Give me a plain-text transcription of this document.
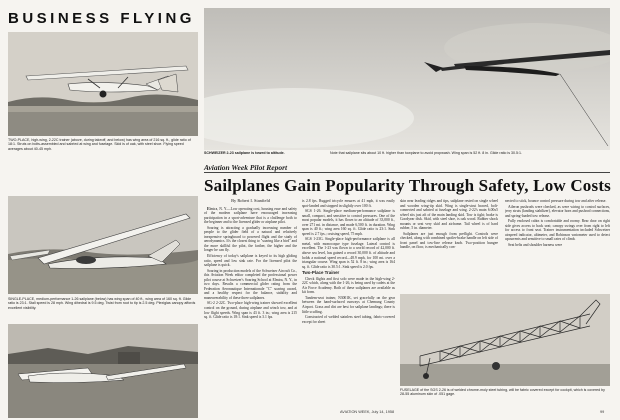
BUSINESS FLYING
TWO-PLACE, high-wing, 2-22C trainer (above, during takeoff, and below) has wing area of 216 sq. ft., glide ratio of 18:1. Struts on bolts-assembled and sabried at wing and fuselage. Skid is of oak, with steel shoe. Flying speed averages about 40-45 mph.
SCHWEIZER 2-23 sailplane is towed to altitude.	Note that sailplane sits about 10 ft. higher than towplane to avoid propwash. Wing span is 52 ft. 8 in. Glide ratio is 30.5:1.
SINGLE-PLACE, medium-performance 1-26 sailplane (below) has wing span of 40 ft., wing area of 160 sq. ft. Glide ratio is 23:1. Stall speed is 28 mph. Wing dihedral is 9.5 deg. Twist from root to tip is 2.5 deg. Plexiglas canopy affords excellent visibility.
Aviation Week Pilot Report
Sailplanes Gain Popularity Through Safety, Low Costs

By Robert I. Stanfield

Elmira, N. Y.—Low operating cost, housing ease and safety of the modern sailplane have encouraged increasing participation in a sport-adventure that is a challenge both to the beginner and to the licensed glider or airplane pilot.

Soaring is attracting a gradually increasing number of people to the glider field of a natural and relatively inexpensive springboard to powered flight and the study of aerodynamics. It's the closest thing to "soaring like a bird" and the more skillful the pilot, the farther, the higher and the longer he can fly.

Efficiency of today's sailplane is keyed to its high gliding ratio, speed and low sink rate. For the licensed pilot the sailplane is quick.

Soaring in production models of the Schweizer Aircraft Co., this Aviation Week editor completed the professional power pilot course at Schweizer's Soaring School at Elmira, N. Y., in two days. Results a commercial glider rating from the Federation Aeronautique Internationale "C" soaring award, and a healthy respect for the balance, stability and maneuverability of these three sailplanes.

SG-2 2-22C. Two-place high-wing trainer showed excellent control on the ground, during airplane and winch tow, and at low flight speeds. Wing span is 43 ft. 3 in.; wing area is 215 sq. ft. Glide ratio is 18:1. Sink speed is 3.1 fps.

is 2.8 fps. Rugged tricycle ensures at 41 mph, it was easily spot-landed and stopped in slightly over 100 ft.

SGS 1-26. Single-place medium-performance sailplane is small, compact, and sensitive to control pressures. One of the most popular models, it has flown to an altitude of 33,000 ft., over 271 mi. in distance, and made 6,500 ft. in duration. Wing span is 40 ft.; wing area 160 sq. ft. Glide ratio is 23:1. Sink speed is 2.7 fps.; cruising speed, 75 mph.

SGS 1-23G. Single-place high-performance sailplane is all metal, with monocoque type fuselage. Lateral control is excellent. The 1-23 was flown to a world record of 42,000 ft. above sea level, has gained a record 30,000 ft. of altitude and holds a national speed record—48.9 mph, for 100 mi. over a triangular course. Wing span is 52 ft. 8 in.; wing area is 164 sq. ft. Glide ratio is 30.5:1. Sink speed is 2.0 fps.

Two-Place Trainer

Check flights and first solo were made in the high-wing 2-22C which, along with the 1-26, is being used by cadets at the Air Force Academy. Both of these sailplanes are available as kit form.

Tandem-seat trainer, N3001K, set gracefully on the gear between the hand-surfaced runways at Chemung County Airport. Grass and dirt are best for sailplane landings; there is little scuffing.

Constructed of welded stainless steel tubing, fabric-covered except for sheet

skin near leading ridges and tips, sailplane rested on single wheel and wooden wing-tip skid. Wing is single-strut braced, bolt-connected and sabried at fuselage and wing. 2-22's main 6.00x5 wheel sits just aft of the main landing skid. Tow is tight; brake is Goodyear disk. Skid, with steel shoe, is oak wood. Rubber shock mounts or seat very skid and airframe. Tail wheel is of hard rubber, 5 in. diameter.

Sailplanes are just enough from preflight. Controls were checked, along with combined spoiler-brake handle on left side of front panel and tow-line release knob. Two-position bungee handle, on floor, is mechanically con-

nected to stick, bounce control pressure during tow and after release.

Aileron pushrods were checked, as were wiring to control surfaces, jerry struts (landing stabilizer), elevator horn and pushrod connections, and spring-loaded tow release.

Fully enclosed cabin is comfortable and roomy. Rear door on right side gives access to back seat; canopy swings over from right to left for access to front seat. Trainer instrumentation included Schweizer airspeed indicator, altimeter, and Robinson variometer used to detect upcurrents and sensitive to small rates of climb.

Seat belts and shoulder harness were

FUSELAGE of the SGS 2-26 is of welded chrome-moly steel tubing, will be fabric covered except for cockpit, which is covered by 28-55 aluminum skin of .051 gage.
AVIATION WEEK, July 14, 1958	99
